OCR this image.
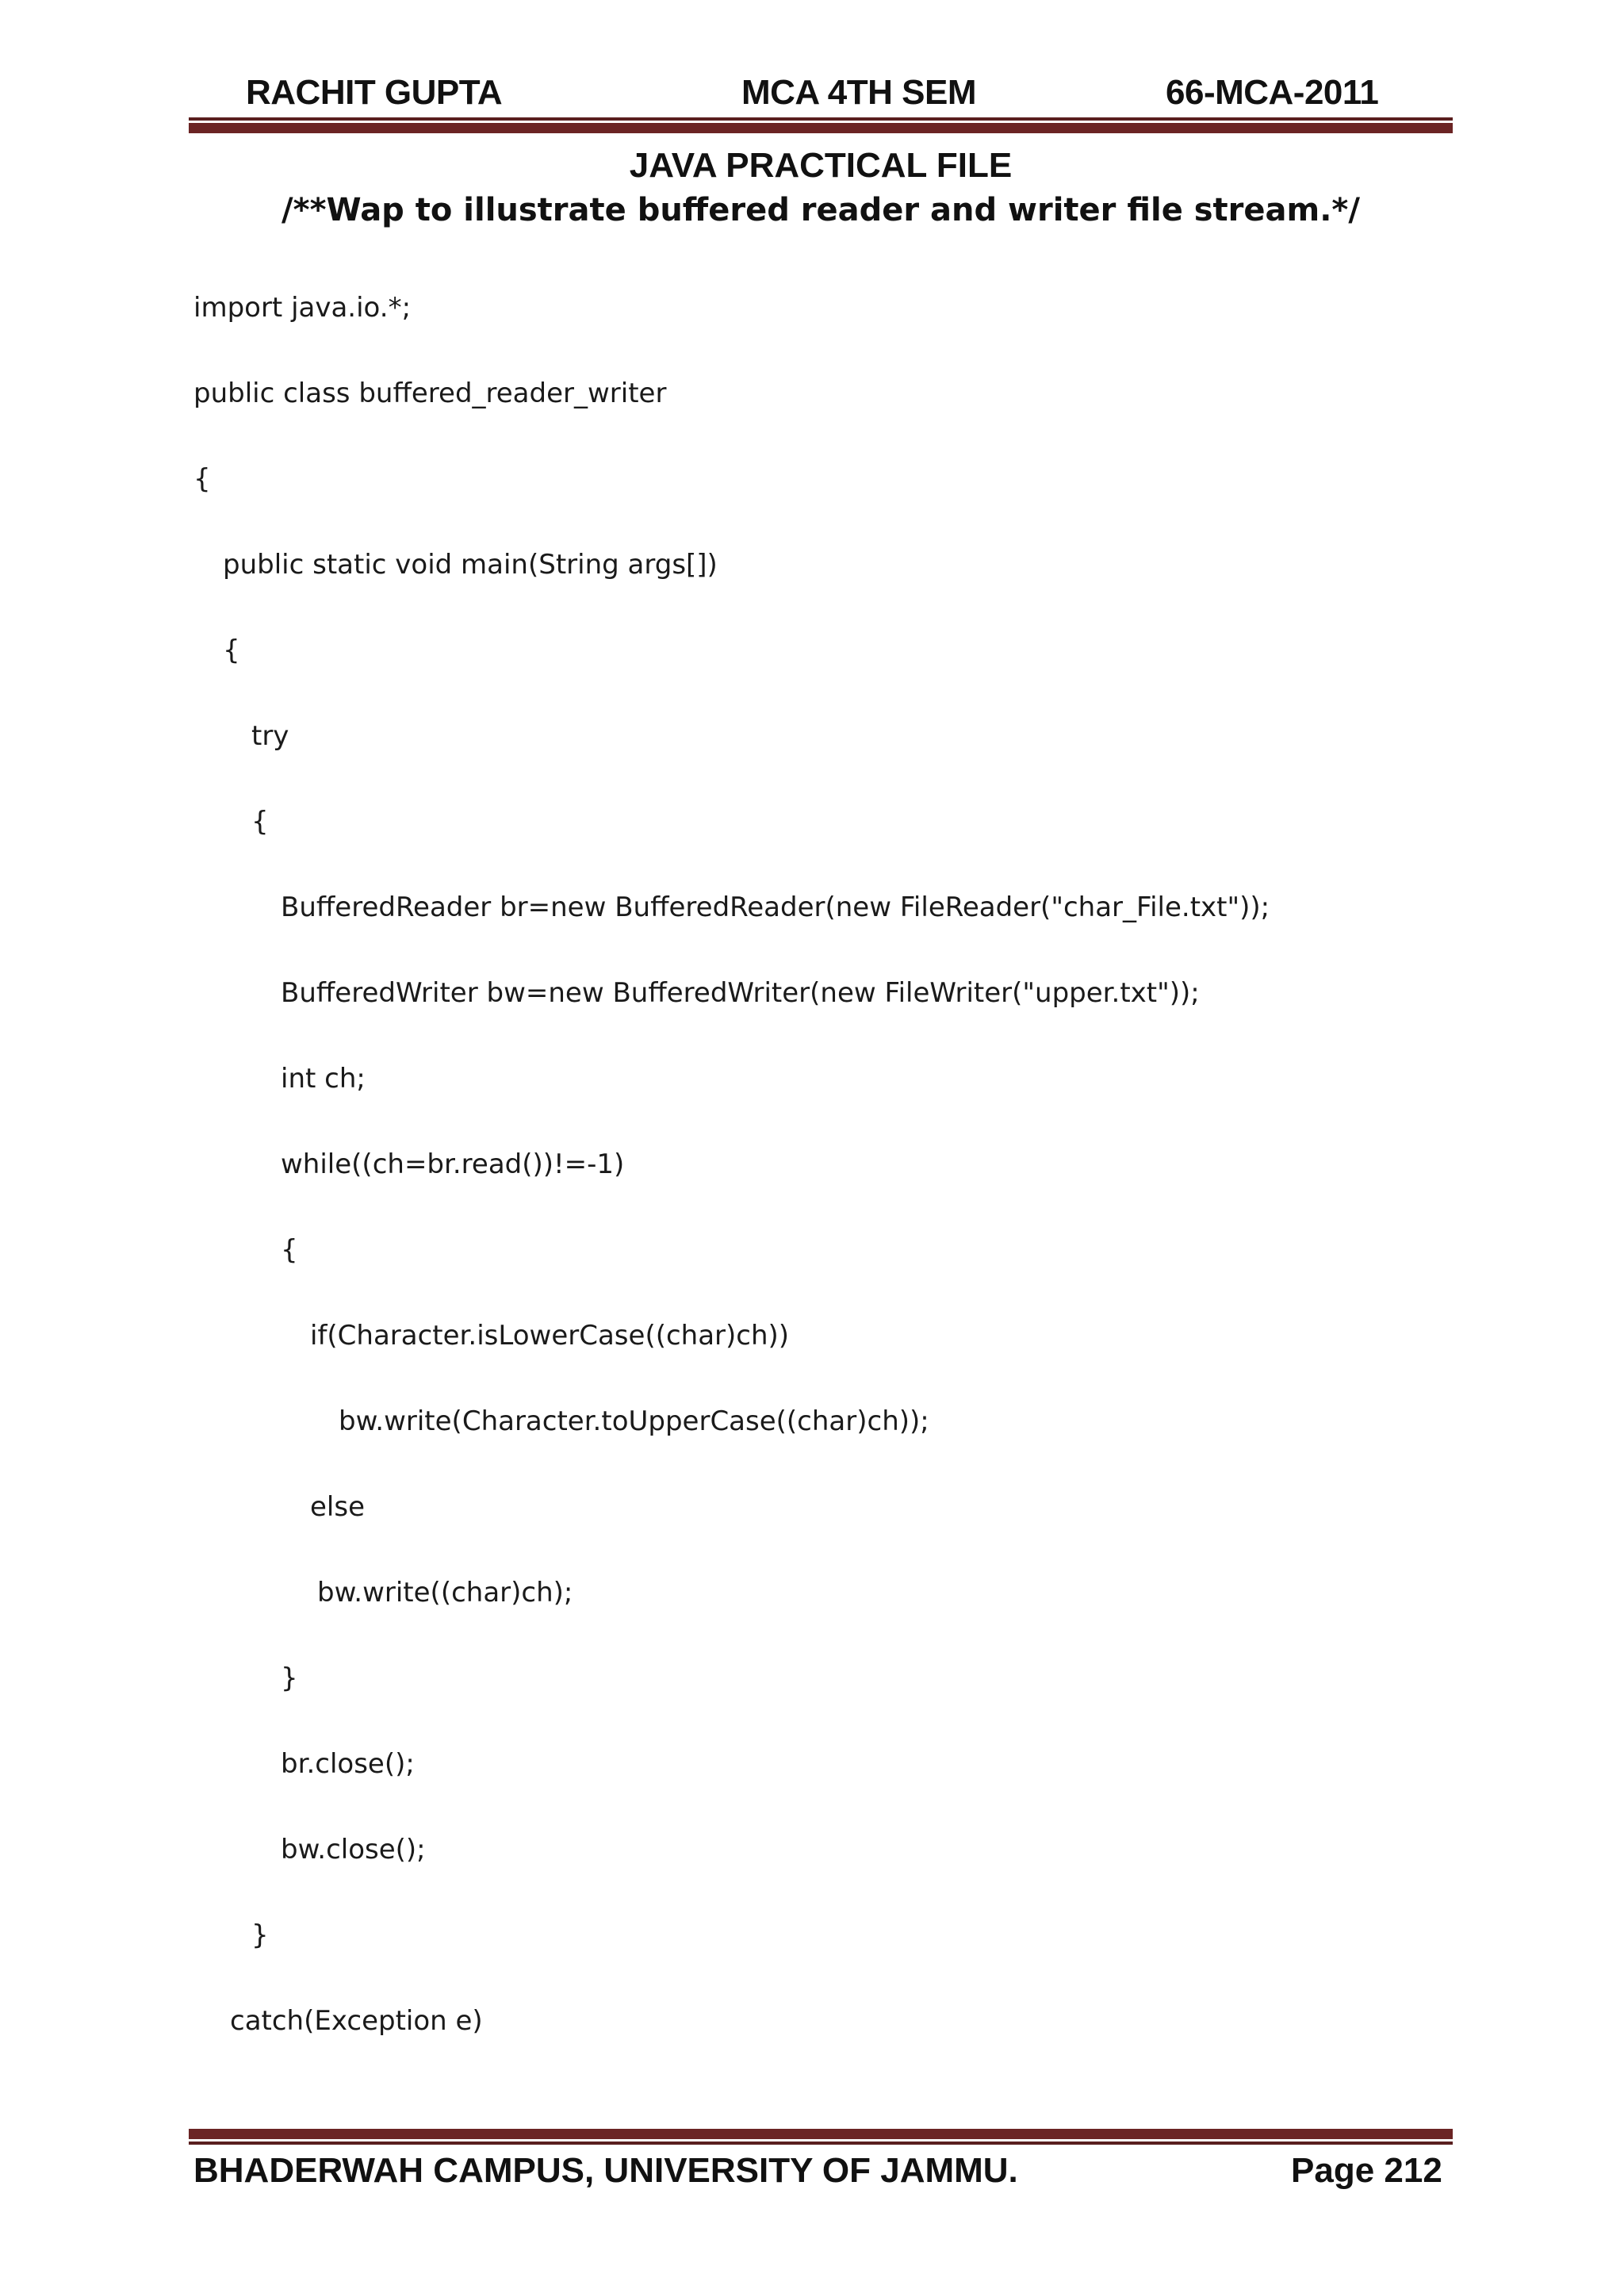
RACHIT GUPTA	MCA 4TH SEM	66-MCA-2011
JAVA PRACTICAL FILE
/**Wap to illustrate buffered reader and writer file stream.*/
import java.io.*;
public class buffered_reader_writer
{
public static void main(String args[])
{
try
{
BufferedReader br=new BufferedReader(new FileReader("char_File.txt"));
BufferedWriter bw=new BufferedWriter(new FileWriter("upper.txt"));
int ch;
while((ch=br.read())!=-1)
{
if(Character.isLowerCase((char)ch))
bw.write(Character.toUpperCase((char)ch));
else
bw.write((char)ch);
}
br.close();
bw.close();
}
catch(Exception e)
BHADERWAH CAMPUS, UNIVERSITY OF JAMMU.	Page 212
